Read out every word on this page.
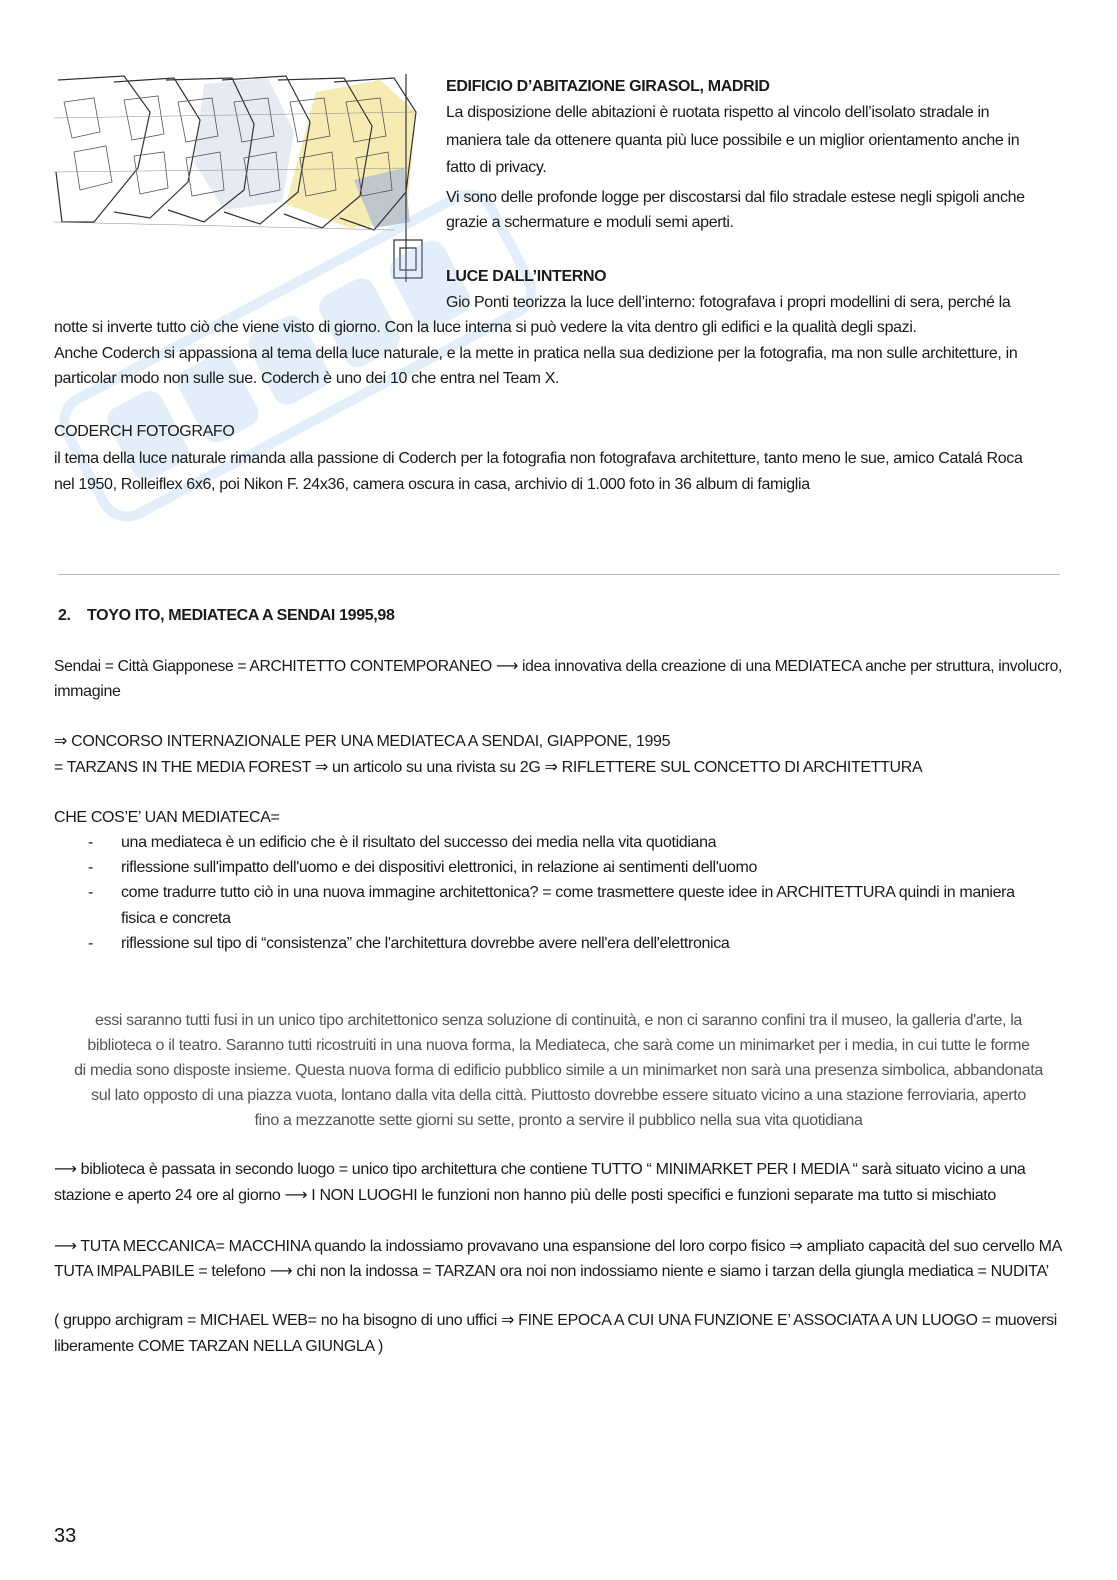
EDIFICIO D’ABITAZIONE GIRASOL, MADRID
La disposizione delle abitazioni è ruotata rispetto al vincolo dell’isolato stradale in
maniera tale da ottenere quanta più luce possibile e un miglior orientamento anche in
fatto di privacy.
Vi sono delle profonde logge per discostarsi dal filo stradale estese negli spigoli anche
grazie a schermature e moduli semi aperti.
LUCE DALL’INTERNO
Gio Ponti teorizza la luce dell’interno: fotografava i propri modellini di sera, perché la
notte si inverte tutto ciò che viene visto di giorno. Con la luce interna si può vedere la vita dentro gli edifici e la qualità degli spazi.
Anche Coderch si appassiona al tema della luce naturale, e la mette in pratica nella sua dedizione per la fotografia, ma non sulle architetture, in
particolar modo non sulle sue. Coderch è uno dei 10 che entra nel Team X.
CODERCH FOTOGRAFO
il tema della luce naturale rimanda alla passione di Coderch per la fotografia non fotografava architetture, tanto meno le sue, amico Catalá Roca
nel 1950, Rolleiflex 6x6, poi Nikon F. 24x36, camera oscura in casa, archivio di 1.000 foto in 36 album di famiglia
2.    TOYO ITO, MEDIATECA A SENDAI 1995,98
Sendai = Città Giapponese = ARCHITETTO CONTEMPORANEO ⟶ idea innovativa della creazione di una MEDIATECA anche per struttura, involucro,
immagine
⇒ CONCORSO INTERNAZIONALE PER UNA MEDIATECA A SENDAI, GIAPPONE, 1995
= TARZANS IN THE MEDIA FOREST ⇒ un articolo su una rivista su 2G ⇒ RIFLETTERE SUL CONCETTO DI ARCHITETTURA
CHE COS’E’ UAN MEDIATECA=
- una mediateca è un edificio che è il risultato del successo dei media nella vita quotidiana
- riflessione sull'impatto dell'uomo e dei dispositivi elettronici, in relazione ai sentimenti dell'uomo
- come tradurre tutto ciò in una nuova immagine architettonica? = come trasmettere queste idee in ARCHITETTURA quindi in maniera
fisica e concreta
- riflessione sul tipo di “consistenza” che l'architettura dovrebbe avere nell'era dell'elettronica
essi saranno tutti fusi in un unico tipo architettonico senza soluzione di continuità, e non ci saranno confini tra il museo, la galleria d'arte, la
biblioteca o il teatro. Saranno tutti ricostruiti in una nuova forma, la Mediateca, che sarà come un minimarket per i media, in cui tutte le forme
di media sono disposte insieme. Questa nuova forma di edificio pubblico simile a un minimarket non sarà una presenza simbolica, abbandonata
sul lato opposto di una piazza vuota, lontano dalla vita della città. Piuttosto dovrebbe essere situato vicino a una stazione ferroviaria, aperto
fino a mezzanotte sette giorni su sette, pronto a servire il pubblico nella sua vita quotidiana
⟶ biblioteca è passata in secondo luogo = unico tipo architettura che contiene TUTTO “ MINIMARKET PER I MEDIA “ sarà situato vicino a una
stazione e aperto 24 ore al giorno ⟶ I NON LUOGHI le funzioni non hanno più delle posti specifici e funzioni separate ma tutto si mischiato
⟶ TUTA MECCANICA= MACCHINA quando la indossiamo provavano una espansione del loro corpo fisico ⇒ ampliato capacità del suo cervello MA
TUTA IMPALPABILE = telefono ⟶ chi non la indossa = TARZAN ora noi non indossiamo niente e siamo i tarzan della giungla mediatica = NUDITA’
( gruppo archigram = MICHAEL WEB= no ha bisogno di uno uffici ⇒ FINE EPOCA A CUI UNA FUNZIONE E’ ASSOCIATA A UN LUOGO = muoversi
liberamente COME TARZAN NELLA GIUNGLA )
33
